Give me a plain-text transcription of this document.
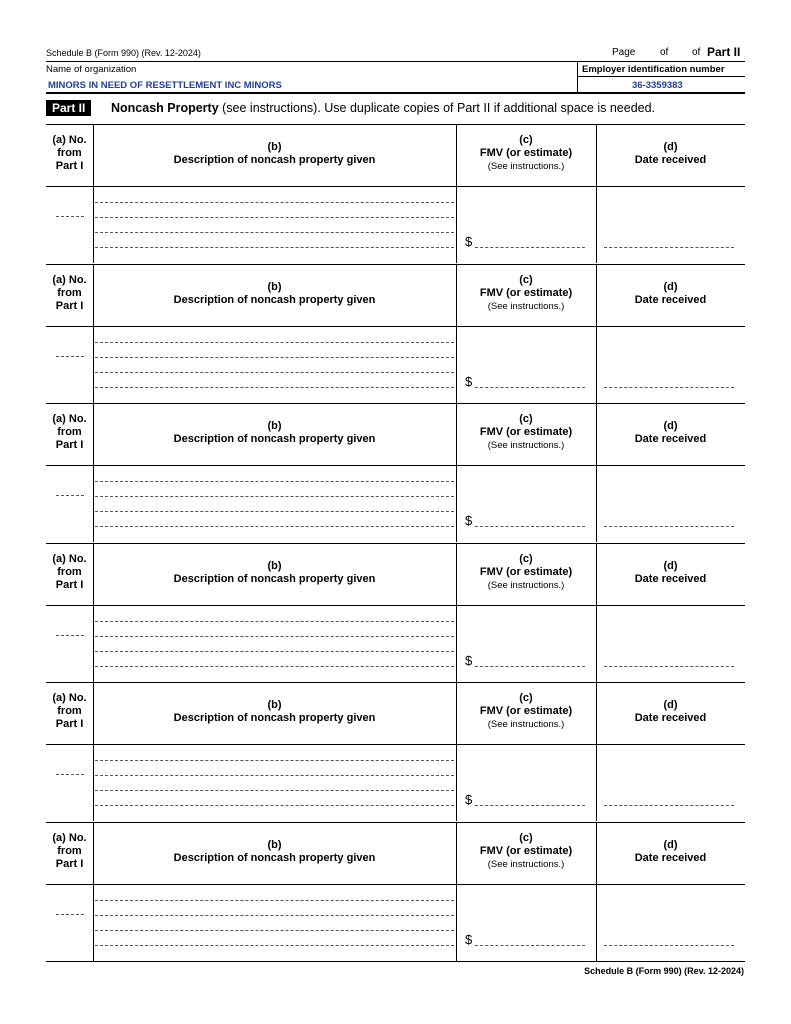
Schedule B (Form 990) (Rev. 12-2024)	Page of of Part II
Name of organization
MINORS IN NEED OF RESETTLEMENT INC MINORS
Employer identification number
36-3359383
Part II	Noncash Property (see instructions). Use duplicate copies of Part II if additional space is needed.
(a) No.
from
Part I
(b)
Description of noncash property given
(c)
FMV (or estimate)
(See instructions.)
(d)
Date received
$
(a) No.
from
Part I
(b)
Description of noncash property given
(c)
FMV (or estimate)
(See instructions.)
(d)
Date received
$
(a) No.
from
Part I
(b)
Description of noncash property given
(c)
FMV (or estimate)
(See instructions.)
(d)
Date received
$
(a) No.
from
Part I
(b)
Description of noncash property given
(c)
FMV (or estimate)
(See instructions.)
(d)
Date received
$
(a) No.
from
Part I
(b)
Description of noncash property given
(c)
FMV (or estimate)
(See instructions.)
(d)
Date received
$
(a) No.
from
Part I
(b)
Description of noncash property given
(c)
FMV (or estimate)
(See instructions.)
(d)
Date received
$
Schedule B (Form 990) (Rev. 12-2024)
